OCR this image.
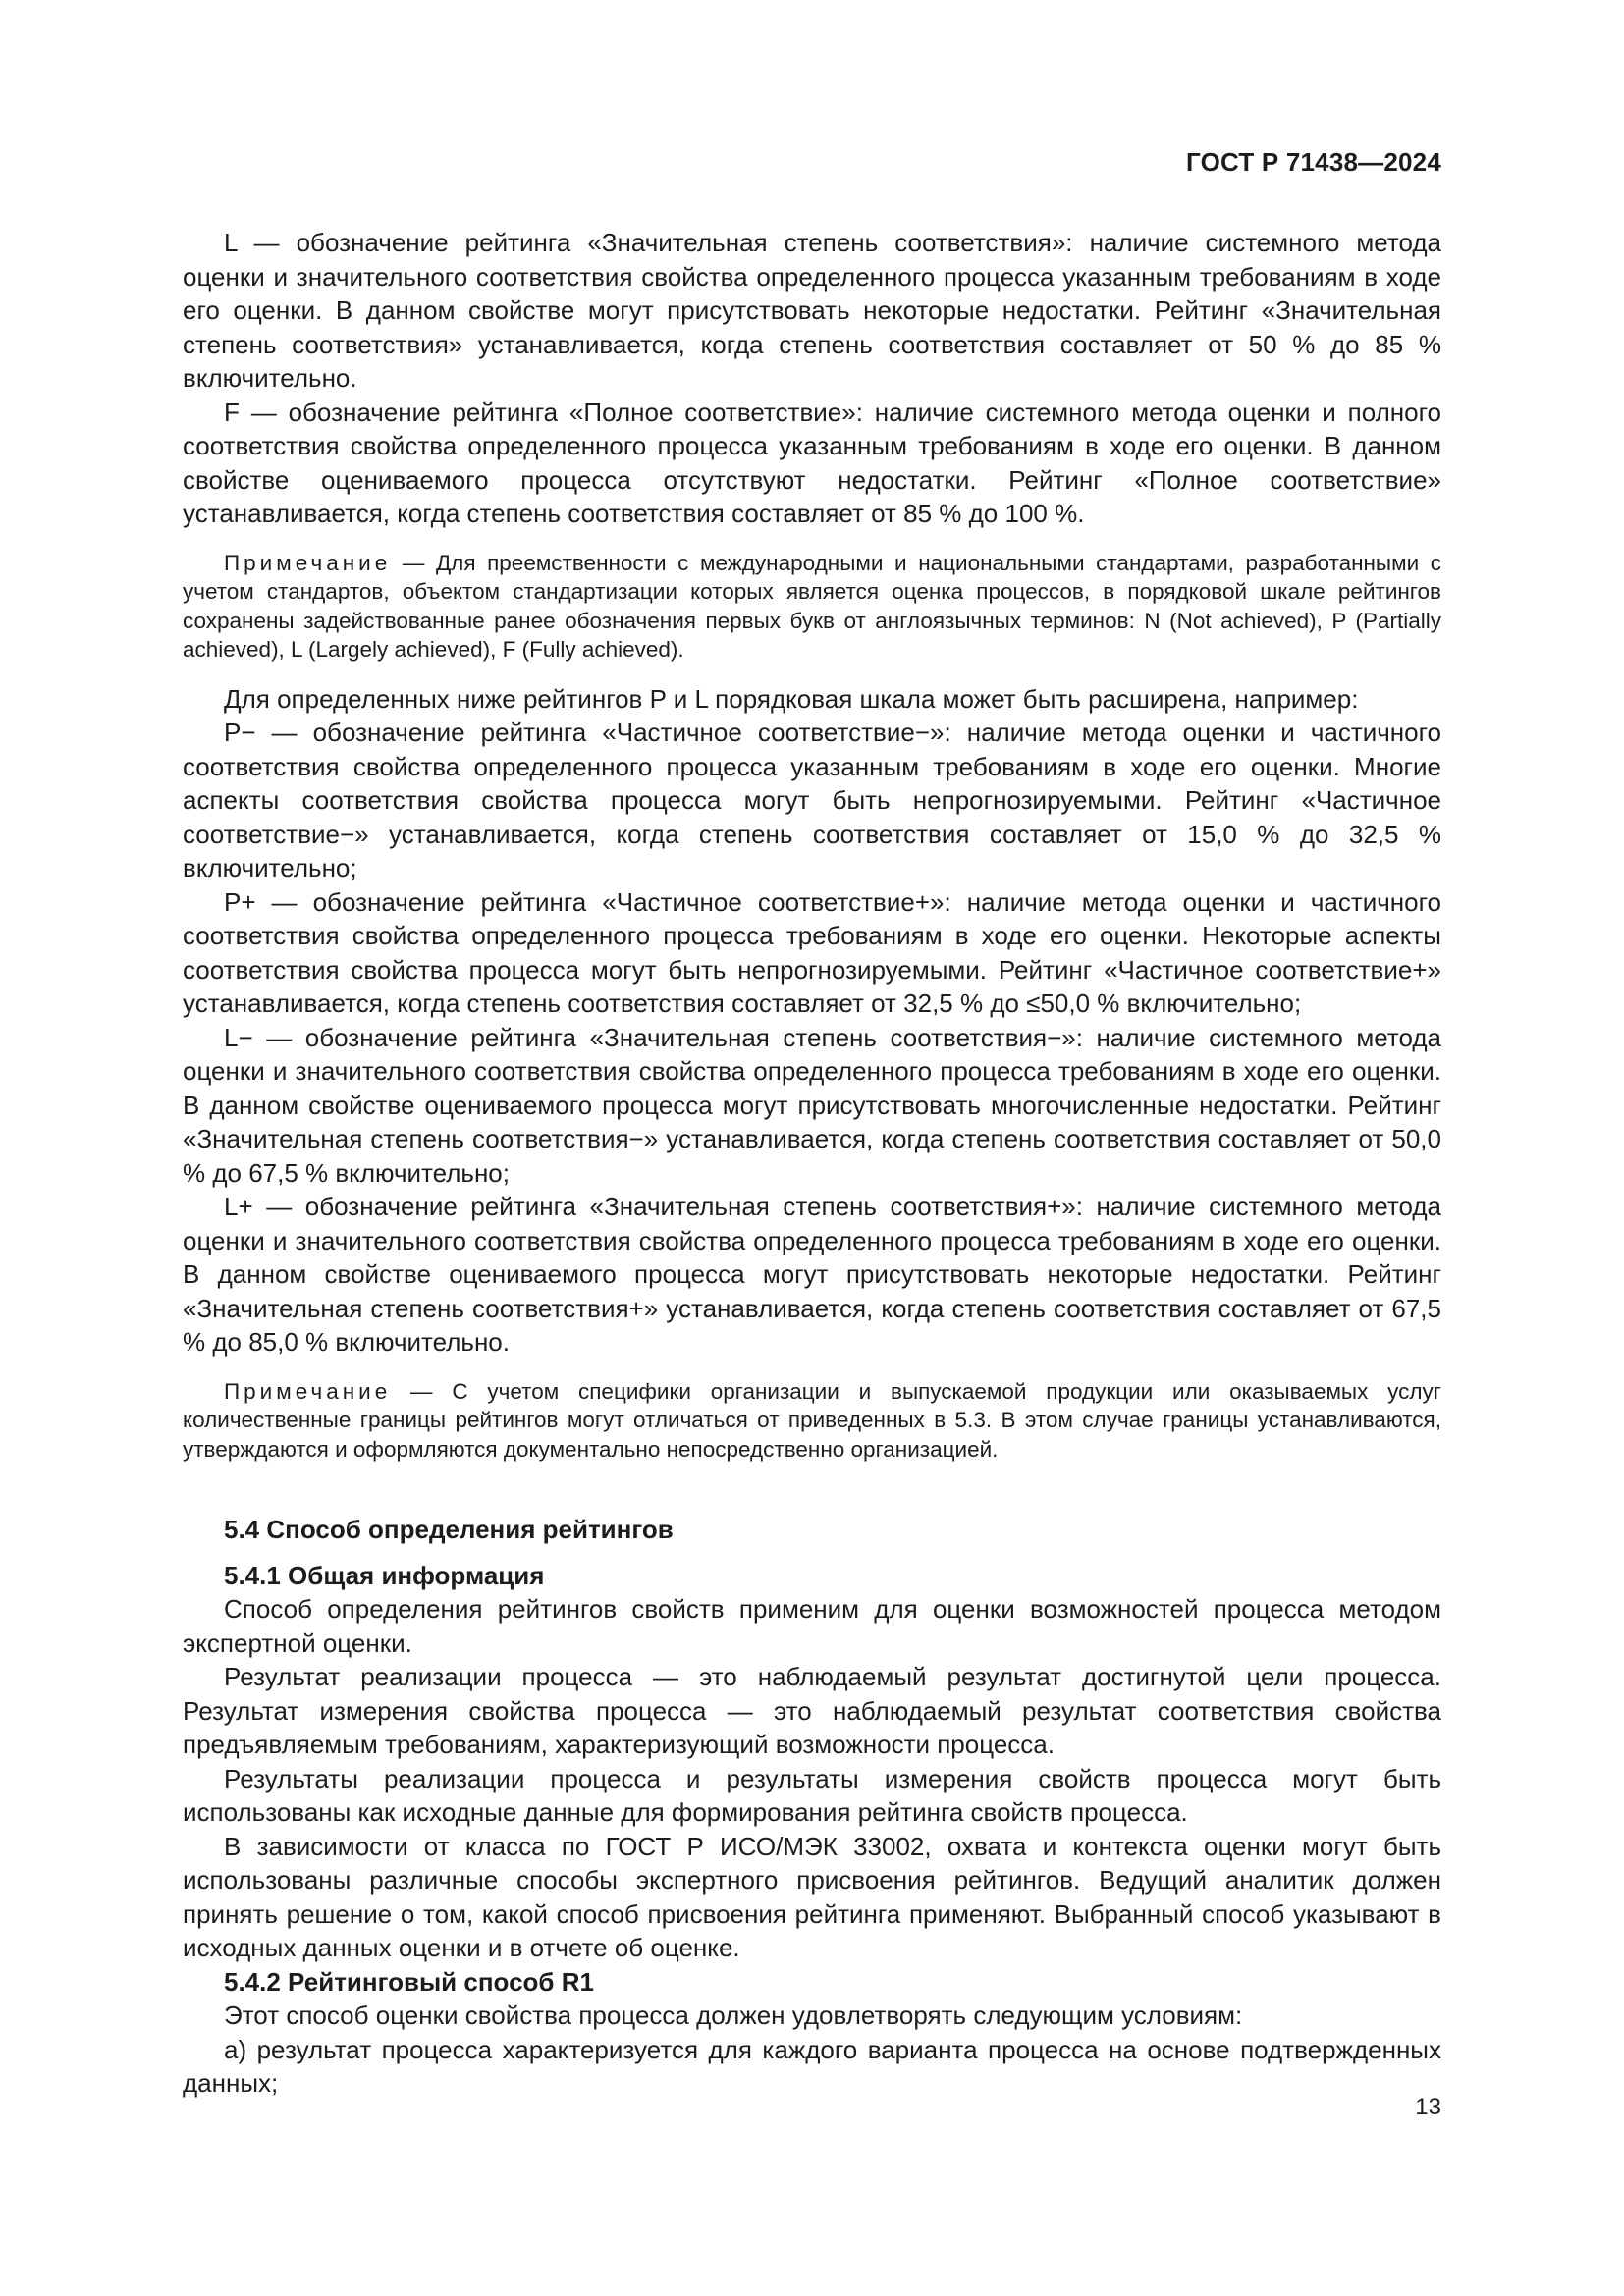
ГОСТ Р 71438—2024

L — обозначение рейтинга «Значительная степень соответствия»: наличие системного метода оценки и значительного соответствия свойства определенного процесса указанным требованиям в ходе его оценки. В данном свойстве могут присутствовать некоторые недостатки. Рейтинг «Значительная степень соответствия» устанавливается, когда степень соответствия составляет от 50 % до 85 % включительно.

F — обозначение рейтинга «Полное соответствие»: наличие системного метода оценки и полного соответствия свойства определенного процесса указанным требованиям в ходе его оценки. В данном свойстве оцениваемого процесса отсутствуют недостатки. Рейтинг «Полное соответствие» устанавливается, когда степень соответствия составляет от 85 % до 100 %.

Примечание — Для преемственности с международными и национальными стандартами, разработанными с учетом стандартов, объектом стандартизации которых является оценка процессов, в порядковой шкале рейтингов сохранены задействованные ранее обозначения первых букв от англоязычных терминов: N (Not achieved), P (Partially achieved), L (Largely achieved), F (Fully achieved).

Для определенных ниже рейтингов P и L порядковая шкала может быть расширена, например:

P− — обозначение рейтинга «Частичное соответствие−»: наличие метода оценки и частичного соответствия свойства определенного процесса указанным требованиям в ходе его оценки. Многие аспекты соответствия свойства процесса могут быть непрогнозируемыми. Рейтинг «Частичное соответствие−» устанавливается, когда степень соответствия составляет от 15,0 % до 32,5 % включительно;

P+ — обозначение рейтинга «Частичное соответствие+»: наличие метода оценки и частичного соответствия свойства определенного процесса требованиям в ходе его оценки. Некоторые аспекты соответствия свойства процесса могут быть непрогнозируемыми. Рейтинг «Частичное соответствие+» устанавливается, когда степень соответствия составляет от 32,5 % до ≤50,0 % включительно;

L− — обозначение рейтинга «Значительная степень соответствия−»: наличие системного метода оценки и значительного соответствия свойства определенного процесса требованиям в ходе его оценки. В данном свойстве оцениваемого процесса могут присутствовать многочисленные недостатки. Рейтинг «Значительная степень соответствия−» устанавливается, когда степень соответствия составляет от 50,0 % до 67,5 % включительно;

L+ — обозначение рейтинга «Значительная степень соответствия+»: наличие системного метода оценки и значительного соответствия свойства определенного процесса требованиям в ходе его оценки. В данном свойстве оцениваемого процесса могут присутствовать некоторые недостатки. Рейтинг «Значительная степень соответствия+» устанавливается, когда степень соответствия составляет от 67,5 % до 85,0 % включительно.

Примечание — С учетом специфики организации и выпускаемой продукции или оказываемых услуг количественные границы рейтингов могут отличаться от приведенных в 5.3. В этом случае границы устанавливаются, утверждаются и оформляются документально непосредственно организацией.

5.4 Способ определения рейтингов

5.4.1 Общая информация

Способ определения рейтингов свойств применим для оценки возможностей процесса методом экспертной оценки.

Результат реализации процесса — это наблюдаемый результат достигнутой цели процесса. Результат измерения свойства процесса — это наблюдаемый результат соответствия свойства предъявляемым требованиям, характеризующий возможности процесса.

Результаты реализации процесса и результаты измерения свойств процесса могут быть использованы как исходные данные для формирования рейтинга свойств процесса.

В зависимости от класса по ГОСТ Р ИСО/МЭК 33002, охвата и контекста оценки могут быть использованы различные способы экспертного присвоения рейтингов. Ведущий аналитик должен принять решение о том, какой способ присвоения рейтинга применяют. Выбранный способ указывают в исходных данных оценки и в отчете об оценке.

5.4.2 Рейтинговый способ R1

Этот способ оценки свойства процесса должен удовлетворять следующим условиям:

а) результат процесса характеризуется для каждого варианта процесса на основе подтвержденных данных;

13
